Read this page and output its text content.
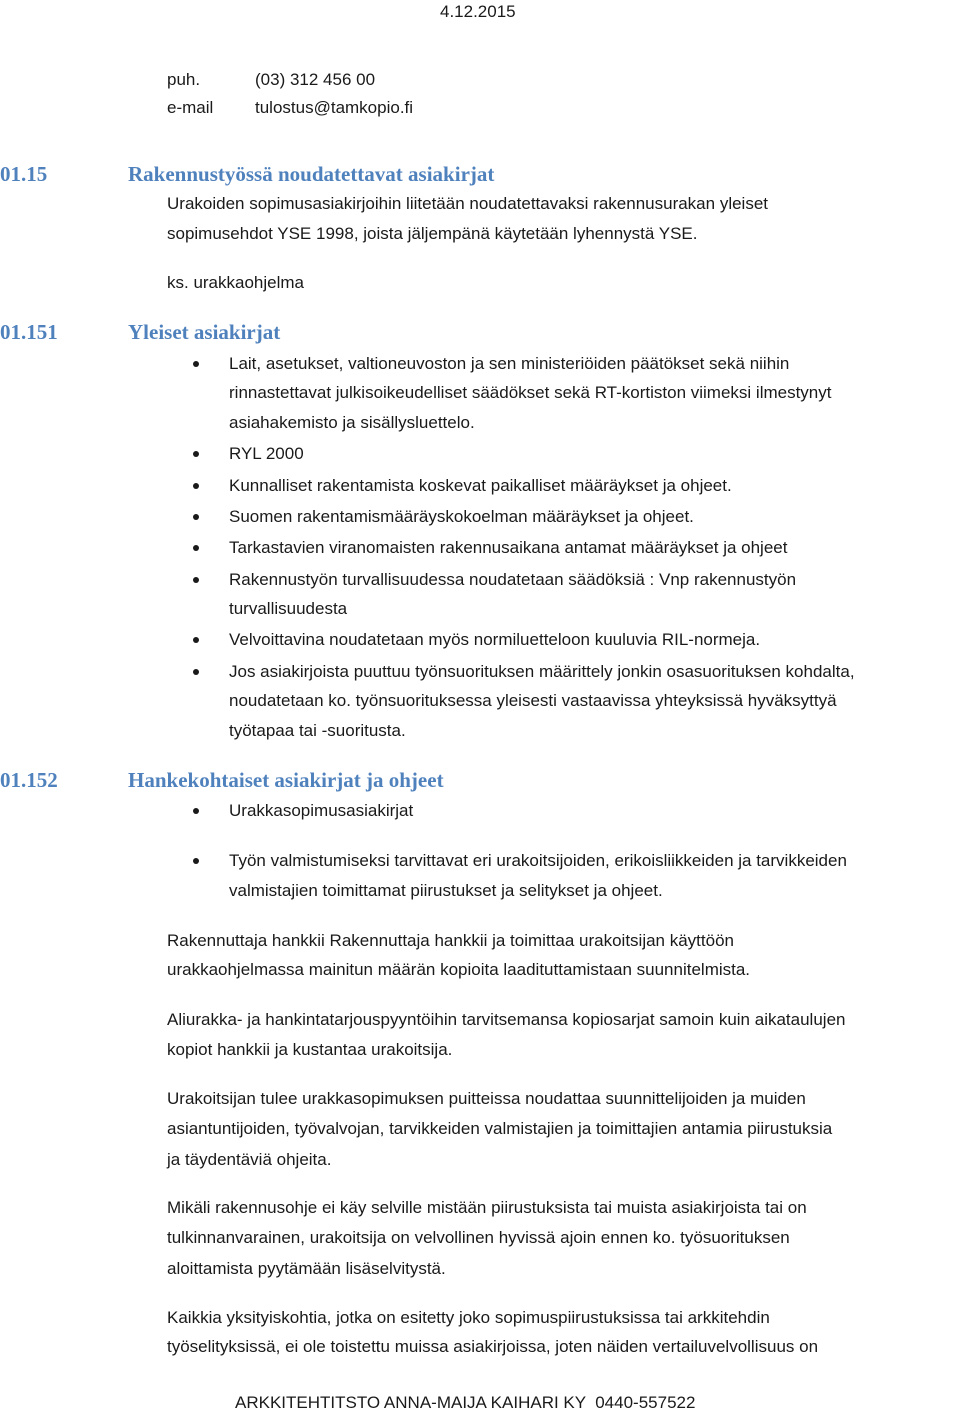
4.12.2015
puh.	(03) 312 456 00
e-mail tulostus@tamkopio.fi
01.15	Rakennustyössä noudatettavat asiakirjat
Urakoiden sopimusasiakirjoihin liitetään noudatettavaksi rakennusurakan yleiset
sopimusehdot YSE 1998, joista jäljempänä käytetään lyhennystä YSE.
ks. urakkaohjelma
01.151	Yleiset asiakirjat
Lait, asetukset, valtioneuvoston ja sen ministeriöiden päätökset sekä niihin
rinnastettavat julkisoikeudelliset säädökset sekä RT-kortiston viimeksi ilmestynyt
asiahakemisto ja sisällysluettelo.
RYL 2000
Kunnalliset rakentamista koskevat paikalliset määräykset ja ohjeet.
Suomen rakentamismääräyskokoelman määräykset ja ohjeet.
Tarkastavien viranomaisten rakennusaikana antamat määräykset ja ohjeet
Rakennustyön turvallisuudessa noudatetaan säädöksiä : Vnp rakennustyön
turvallisuudesta
Velvoittavina noudatetaan myös normiluetteloon kuuluvia RIL-normeja.
Jos asiakirjoista puuttuu työnsuorituksen määrittely jonkin osasuorituksen kohdalta,
noudatetaan ko. työnsuorituksessa yleisesti vastaavissa yhteyksissä hyväksyttyä
työtapaa tai -suoritusta.
01.152	Hankekohtaiset asiakirjat ja ohjeet
Urakkasopimusasiakirjat
Työn valmistumiseksi tarvittavat eri urakoitsijoiden, erikoisliikkeiden ja tarvikkeiden
valmistajien toimittamat piirustukset ja selitykset ja ohjeet.
Rakennuttaja hankkii Rakennuttaja hankkii ja toimittaa urakoitsijan käyttöön
urakkaohjelmassa mainitun määrän kopioita laadituttamistaan suunnitelmista.
Aliurakka- ja hankintatarjouspyyntöihin tarvitsemansa kopiosarjat samoin kuin aikataulujen
kopiot hankkii ja kustantaa urakoitsija.
Urakoitsijan tulee urakkasopimuksen puitteissa noudattaa suunnittelijoiden ja muiden
asiantuntijoiden, työvalvojan, tarvikkeiden valmistajien ja toimittajien antamia piirustuksia
ja täydentäviä ohjeita.
Mikäli rakennusohje ei käy selville mistään piirustuksista tai muista asiakirjoista tai on
tulkinnanvarainen, urakoitsija on velvollinen hyvissä ajoin ennen ko. työsuorituksen
aloittamista pyytämään lisäselvitystä.
Kaikkia yksityiskohtia, jotka on esitetty joko sopimuspiirustuksissa tai arkkitehdin
työselityksissä, ei ole toistettu muissa asiakirjoissa, joten näiden vertailuvelvollisuus on
ARKKITEHTITSTO ANNA-MAIJA KAIHARI KY  0440-557522
